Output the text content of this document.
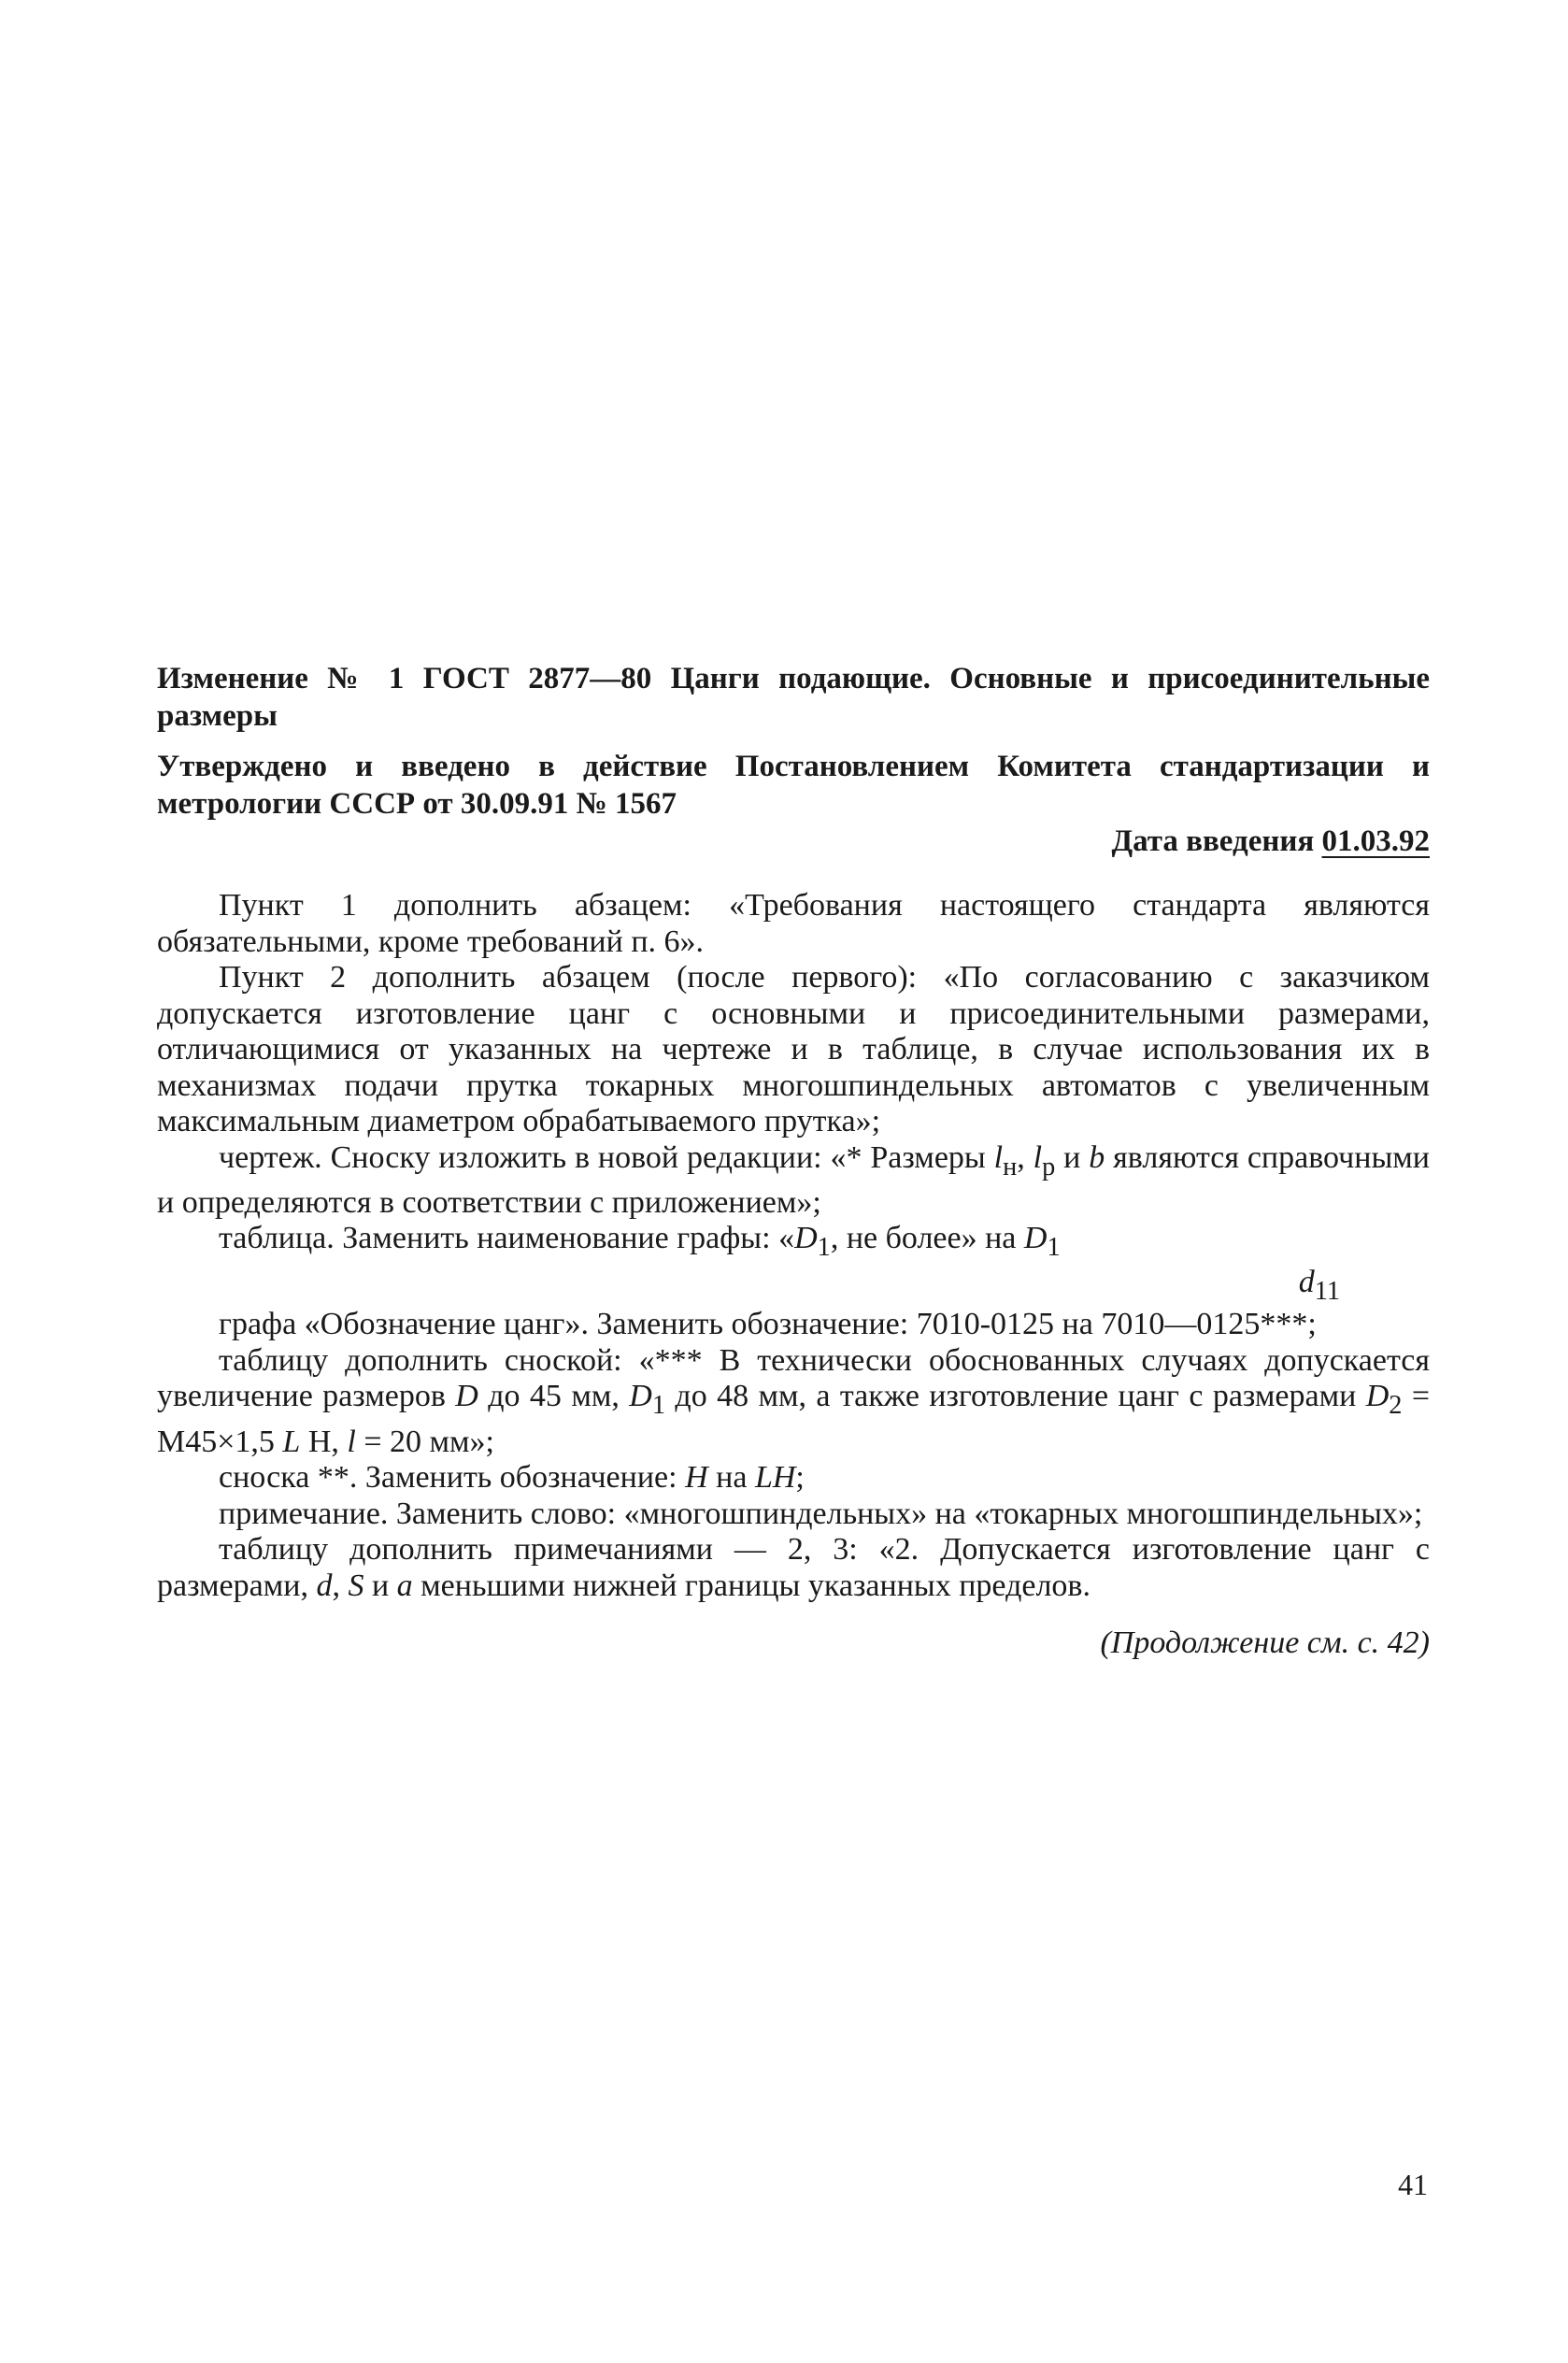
Изменение № 1 ГОСТ 2877—80 Цанги подающие. Основные и присоединительные размеры
Утверждено и введено в действие Постановлением Комитета стандартизации и метрологии СССР от 30.09.91 № 1567
Дата введения 01.03.92

Пункт 1 дополнить абзацем: «Требования настоящего стандарта являются обязательными, кроме требований п. 6».

Пункт 2 дополнить абзацем (после первого): «По согласованию с заказчиком допускается изготовление цанг с основными и присоединительными размерами, отличающимися от указанных на чертеже и в таблице, в случае использования их в механизмах подачи прутка токарных многошпиндельных автоматов с увеличенным максимальным диаметром обрабатываемого прутка»;

чертеж. Сноску изложить в новой редакции: «* Размеры $l_н$, $l_р$ и b являются справочными и определяются в соответствии с приложением»;

таблица. Заменить наименование графы: «$D_1$, не более» на $D_1$

$d_{11}$

графа «Обозначение цанг». Заменить обозначение: 7010-0125 на 7010—0125***;

таблицу дополнить сноской: «*** В технически обоснованных случаях допускается увеличение размеров D до 45 мм, $D_1$ до 48 мм, а также изготовление цанг с размерами $D_2 = M45\times 1,5$ L H, l = 20 мм»;

сноска **. Заменить обозначение: H на LH;

примечание. Заменить слово: «многошпиндельных» на «токарных многошпиндельных»;

таблицу дополнить примечаниями — 2, 3: «2. Допускается изготовление цанг с размерами, d, S и a меньшими нижней границы указанных пределов.

(Продолжение см. с. 42)
41
